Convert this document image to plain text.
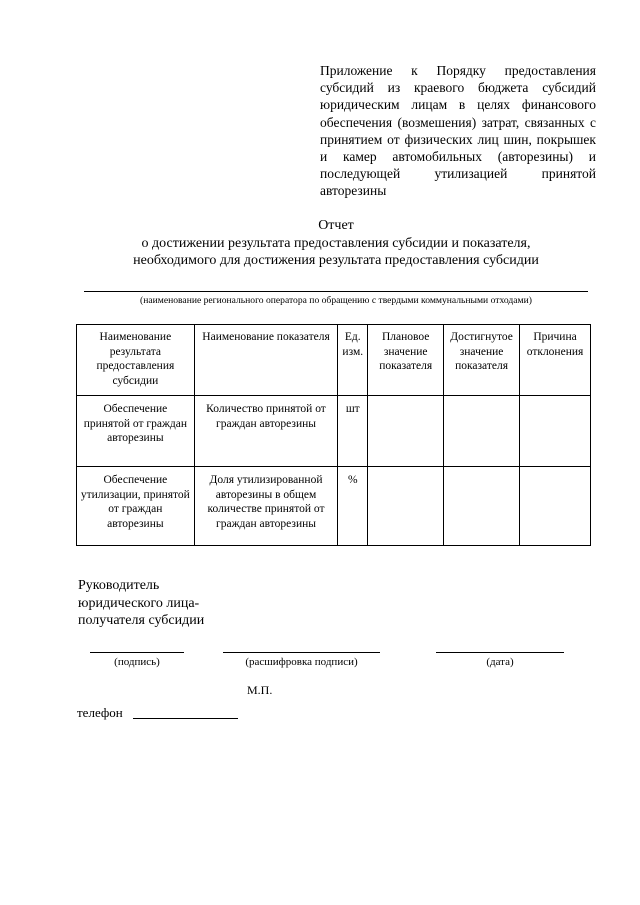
Приложение к Порядку предоставления субсидий из краевого бюджета субсидий юридическим лицам в целях финансового обеспечения (возмешения) затрат, связанных с принятием от физических лиц шин, покрышек и камер автомобильных (авторезины) и последующей утилизацией принятой авторезины
Отчет
о достижении результата предоставления субсидии и показателя,
необходимого для достижения результата предоставления субсидии
(наименование регионального оператора по обращению с твердыми коммунальными отходами)
Наименование результата предоставления субсидии	Наименование показателя	Ед. изм.	Плановое значение показателя	Достигнутое значение показателя	Причина отклонения
Обеспечение принятой от граждан авторезины	Количество принятой от граждан авторезины	шт			
Обеспечение утилизации, принятой от граждан авторезины	Доля утилизированной авторезины в общем количестве принятой от граждан авторезины	%			
Руководитель
юридического лица-
получателя субсидии
(подпись)	(расшифровка подписи)	(дата)
М.П.
телефон
